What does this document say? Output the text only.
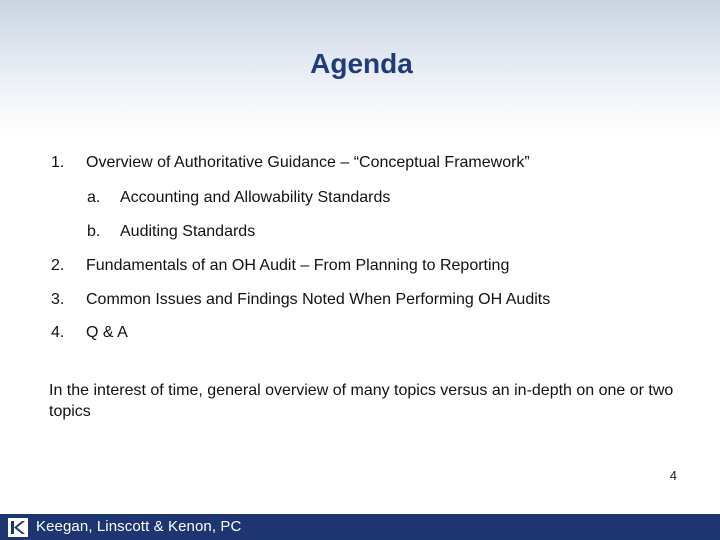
Agenda
1. Overview of Authoritative Guidance – “Conceptual Framework”
a. Accounting and Allowability Standards
b. Auditing Standards
2. Fundamentals of an OH Audit – From Planning to Reporting
3. Common Issues and Findings Noted When Performing OH Audits
4. Q & A
In the interest of time, general overview of many topics versus an in-depth on one or two topics
4
Keegan, Linscott & Kenon, PC
